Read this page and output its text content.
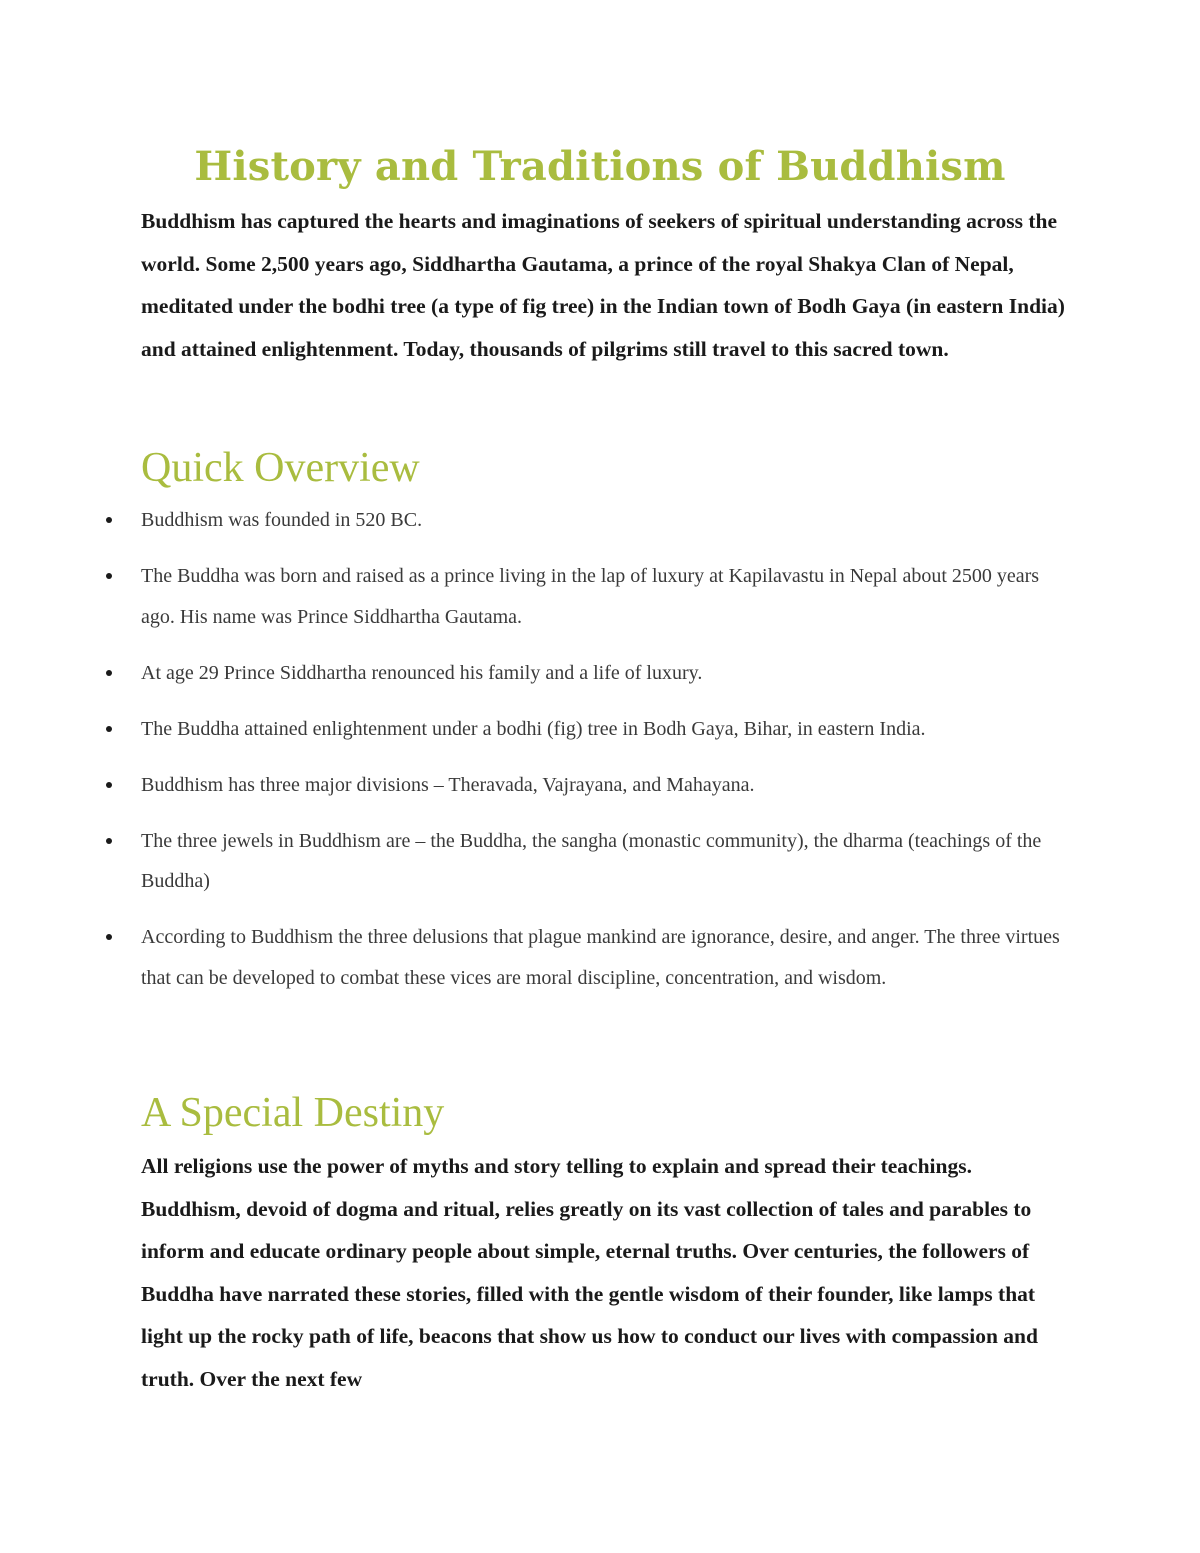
History and Traditions of Buddhism

Buddhism has captured the hearts and imaginations of seekers of spiritual understanding across the world. Some 2,500 years ago, Siddhartha Gautama, a prince of the royal Shakya Clan of Nepal, meditated under the bodhi tree (a type of fig tree) in the Indian town of Bodh Gaya (in eastern India) and attained enlightenment. Today, thousands of pilgrims still travel to this sacred town.

Quick Overview
Buddhism was founded in 520 BC.
The Buddha was born and raised as a prince living in the lap of luxury at Kapilavastu in Nepal about 2500 years ago. His name was Prince Siddhartha Gautama.
At age 29 Prince Siddhartha renounced his family and a life of luxury.
The Buddha attained enlightenment under a bodhi (fig) tree in Bodh Gaya, Bihar, in eastern India.
Buddhism has three major divisions – Theravada, Vajrayana, and Mahayana.
The three jewels in Buddhism are – the Buddha, the sangha (monastic community), the dharma (teachings of the Buddha)
According to Buddhism the three delusions that plague mankind are ignorance, desire, and anger. The three virtues that can be developed to combat these vices are moral discipline, concentration, and wisdom.
A Special Destiny

All religions use the power of myths and story telling to explain and spread their teachings. Buddhism, devoid of dogma and ritual, relies greatly on its vast collection of tales and parables to inform and educate ordinary people about simple, eternal truths. Over centuries, the followers of Buddha have narrated these stories, filled with the gentle wisdom of their founder, like lamps that light up the rocky path of life, beacons that show us how to conduct our lives with compassion and truth. Over the next few
